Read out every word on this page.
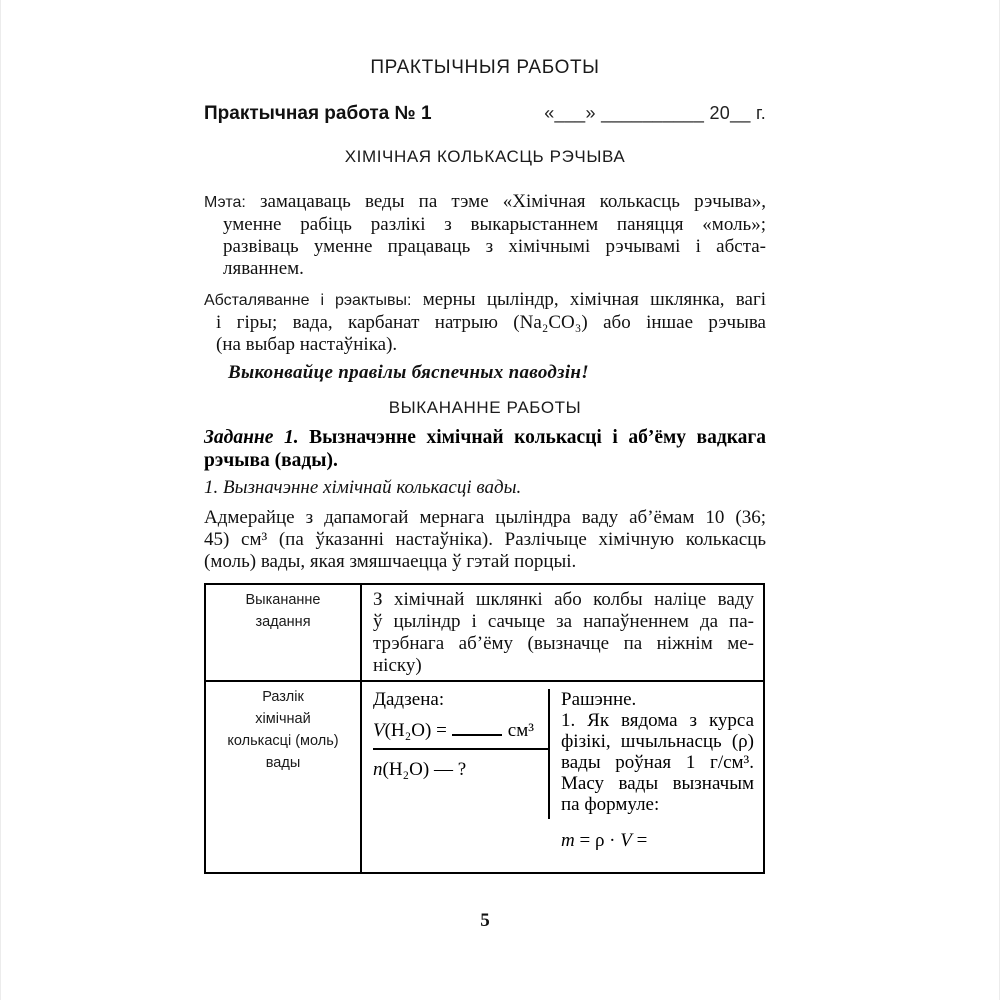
ПРАКТЫЧНЫЯ РАБОТЫ
Практычная работа № 1	«___» __________ 20__ г.
ХІМІЧНАЯ КОЛЬКАСЦЬ РЭЧЫВА
Мэта: замацаваць веды па тэме «Хімічная колькасць рэчыва»,
уменне рабіць разлікі з выкарыстаннем паняцця «моль»;
развіваць уменне працаваць з хімічнымі рэчывамі і абста-
ляваннем.
Абсталяванне і рэактывы: мерны цыліндр, хімічная шклянка, вагі
і гіры; вада, карбанат натрыю (Na₂CO₃) або іншае рэчыва
(на выбар настаўніка).
Выконвайце правілы бяспечных паводзін!
ВЫКАНАННЕ РАБОТЫ
Заданне 1. Вызначэнне хімічнай колькасці і аб’ёму вадкага
рэчыва (вады).
1. Вызначэнне хімічнай колькасці вады.
Адмерайце з дапамогай мернага цыліндра ваду аб’ёмам 10 (36;
45) см³ (па ўказанні настаўніка). Разлічыце хімічную колькасць
(моль) вады, якая змяшчаецца ў гэтай порцыі.
Выкананне
задання
З хімічнай шклянкі або колбы наліце ваду
ў цыліндр і сачыце за напаўненнем да па-
трэбнага аб’ёму (вызначце па ніжнім ме-
ніску)
Разлік
хімічнай
колькасці (моль)
вады
Дадзена:
V(H₂O) =	см³
n(H₂O) — ?
Рашэнне.
1. Як вядома з курса
фізікі, шчыльнасць (ρ)
вады роўная 1 г/см³.
Масу вады вызначым
па формуле:
m = ρ · V =
5
